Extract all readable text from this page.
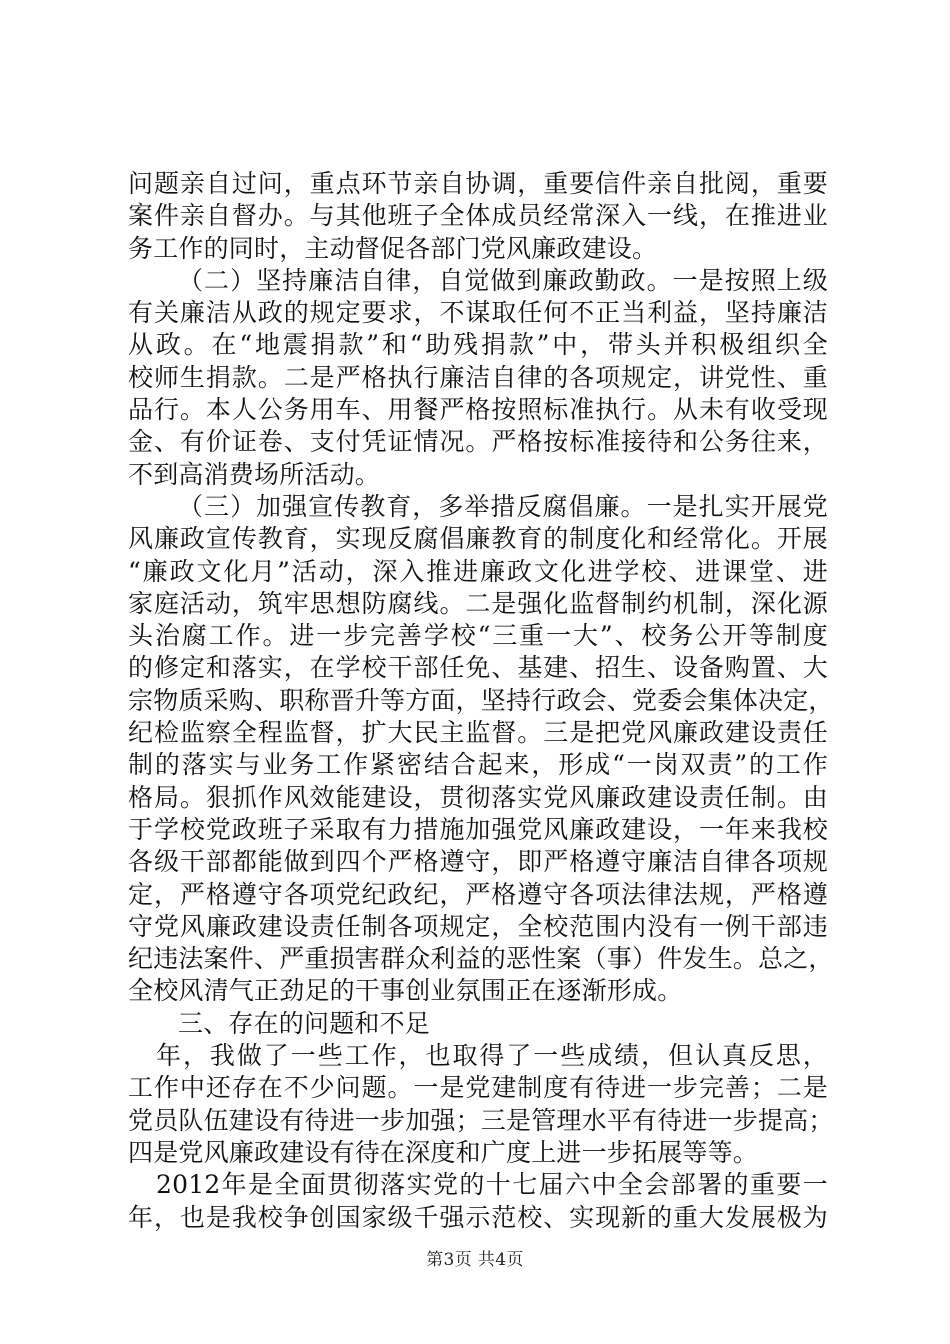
问题亲自过问，重点环节亲自协调，重要信件亲自批阅，重要
案件亲自督办。与其他班子全体成员经常深入一线，在推进业
务工作的同时，主动督促各部门党风廉政建设。
（二）坚持廉洁自律，自觉做到廉政勤政。一是按照上级
有关廉洁从政的规定要求，不谋取任何不正当利益，坚持廉洁
从政。在“地震捐款”和“助残捐款”中，带头并积极组织全
校师生捐款。二是严格执行廉洁自律的各项规定，讲党性、重
品行。本人公务用车、用餐严格按照标准执行。从未有收受现
金、有价证卷、支付凭证情况。严格按标准接待和公务往来，
不到高消费场所活动。
（三）加强宣传教育，多举措反腐倡廉。一是扎实开展党
风廉政宣传教育，实现反腐倡廉教育的制度化和经常化。开展
“廉政文化月”活动，深入推进廉政文化进学校、进课堂、进
家庭活动，筑牢思想防腐线。二是强化监督制约机制，深化源
头治腐工作。进一步完善学校“三重一大”、校务公开等制度
的修定和落实，在学校干部任免、基建、招生、设备购置、大
宗物质采购、职称晋升等方面，坚持行政会、党委会集体决定，
纪检监察全程监督，扩大民主监督。三是把党风廉政建设责任
制的落实与业务工作紧密结合起来，形成“一岗双责”的工作
格局。狠抓作风效能建设，贯彻落实党风廉政建设责任制。由
于学校党政班子采取有力措施加强党风廉政建设，一年来我校
各级干部都能做到四个严格遵守，即严格遵守廉洁自律各项规
定，严格遵守各项党纪政纪，严格遵守各项法律法规，严格遵
守党风廉政建设责任制各项规定，全校范围内没有一例干部违
纪违法案件、严重损害群众利益的恶性案（事）件发生。总之，
全校风清气正劲足的干事创业氛围正在逐渐形成。
三、存在的问题和不足
年，我做了一些工作，也取得了一些成绩，但认真反思，
工作中还存在不少问题。一是党建制度有待进一步完善；二是
党员队伍建设有待进一步加强；三是管理水平有待进一步提高；
四是党风廉政建设有待在深度和广度上进一步拓展等等。
2012年是全面贯彻落实党的十七届六中全会部署的重要一
年，也是我校争创国家级千强示范校、实现新的重大发展极为
第3页 共4页
